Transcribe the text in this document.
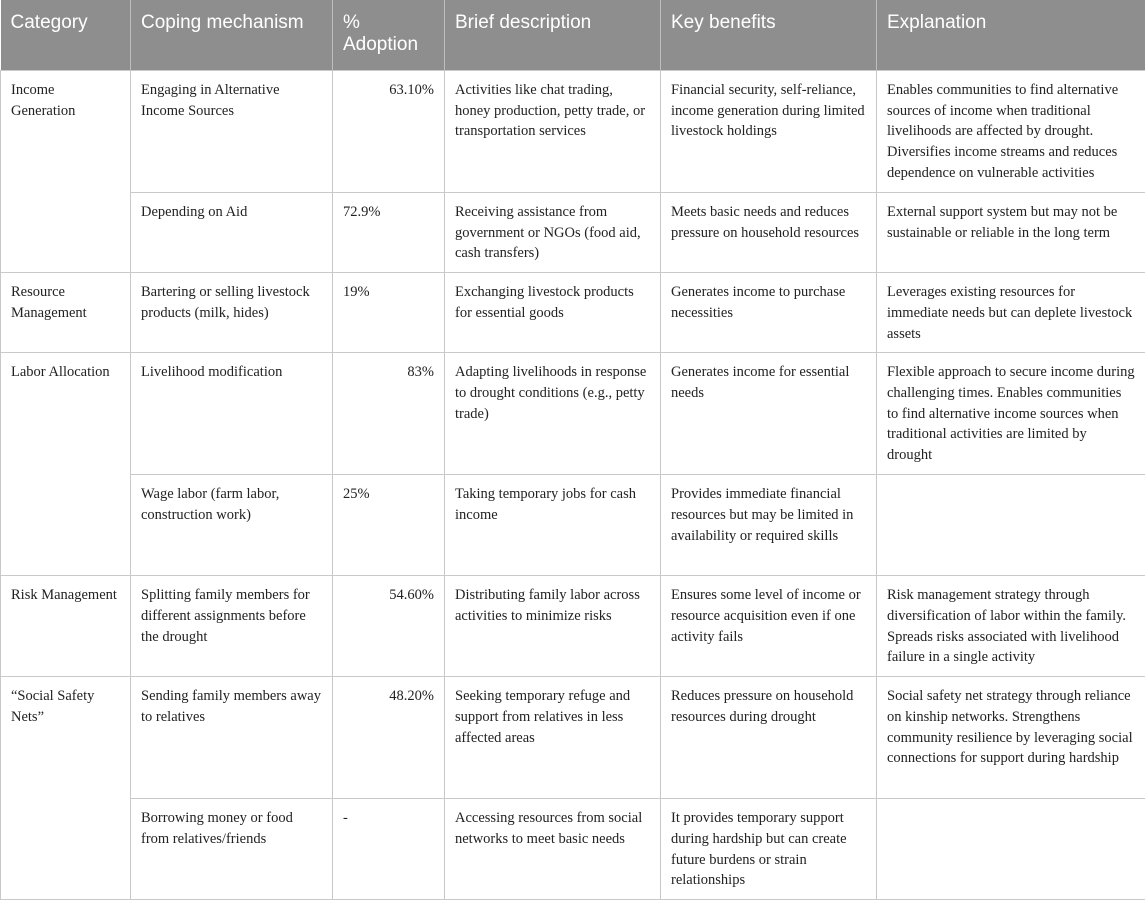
Category	Coping mechanism	% Adoption	Brief description	Key benefits	Explanation
Income Generation	Engaging in Alternative Income Sources	63.10%	Activities like chat trading, honey production, petty trade, or transportation services	Financial security, self-reliance, income generation during limited livestock holdings	Enables communities to find alternative sources of income when traditional livelihoods are affected by drought. Diversifies income streams and reduces dependence on vulnerable activities
	Depending on Aid	72.9%	Receiving assistance from government or NGOs (food aid, cash transfers)	Meets basic needs and reduces pressure on household resources	External support system but may not be sustainable or reliable in the long term
Resource Management	Bartering or selling livestock products (milk, hides)	19%	Exchanging livestock products for essential goods	Generates income to purchase necessities	Leverages existing resources for immediate needs but can deplete livestock assets
Labor Allocation	Livelihood modification	83%	Adapting livelihoods in response to drought conditions (e.g., petty trade)	Generates income for essential needs	Flexible approach to secure income during challenging times. Enables communities to find alternative income sources when traditional activities are limited by drought
	Wage labor (farm labor, construction work)	25%	Taking temporary jobs for cash income	Provides immediate financial resources but may be limited in availability or required skills	
Risk Management	Splitting family members for different assignments before the drought	54.60%	Distributing family labor across activities to minimize risks	Ensures some level of income or resource acquisition even if one activity fails	Risk management strategy through diversification of labor within the family. Spreads risks associated with livelihood failure in a single activity
“Social Safety Nets”	Sending family members away to relatives	48.20%	Seeking temporary refuge and support from relatives in less affected areas	Reduces pressure on household resources during drought	Social safety net strategy through reliance on kinship networks. Strengthens community resilience by leveraging social connections for support during hardship
	Borrowing money or food from relatives/friends	-	Accessing resources from social networks to meet basic needs	It provides temporary support during hardship but can create future burdens or strain relationships	
